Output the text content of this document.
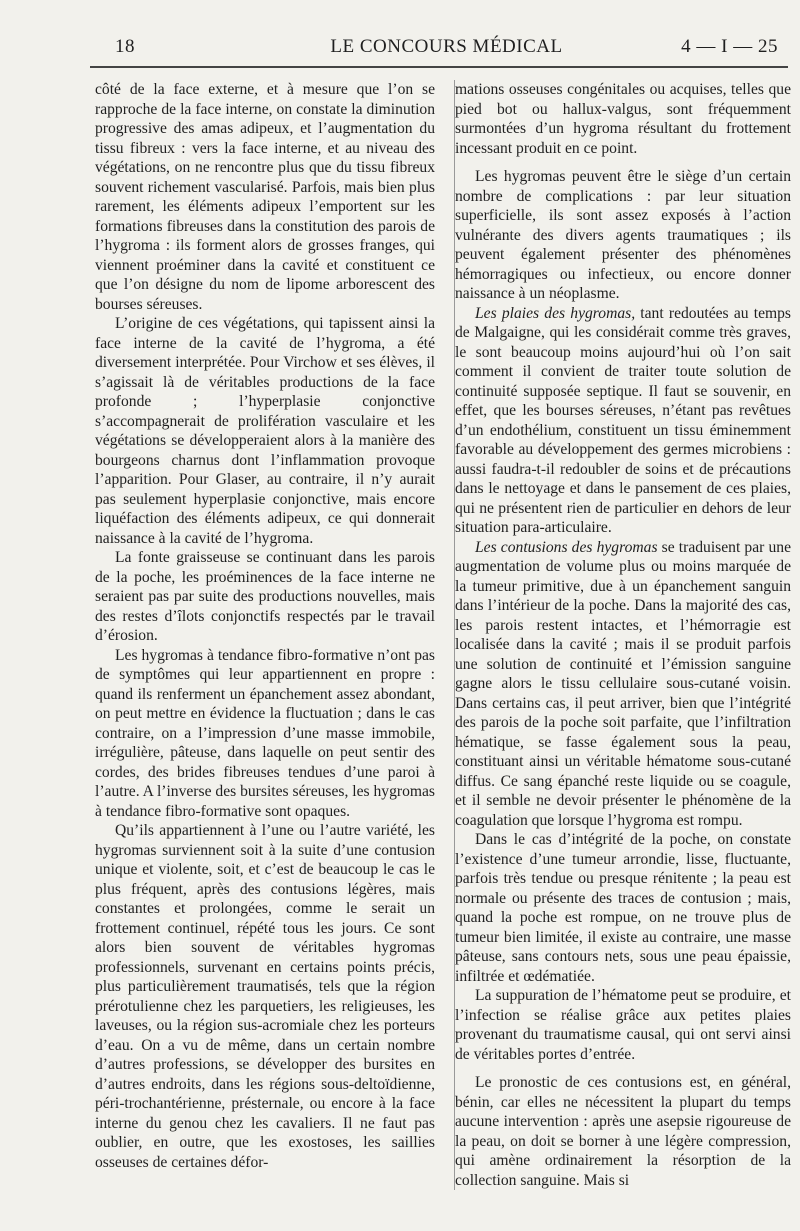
18	LE CONCOURS MÉDICAL	4 — I — 25

côté de la face externe, et à mesure que l’on se rapproche de la face interne, on constate la diminution progressive des amas adipeux, et l’augmentation du tissu fibreux : vers la face interne, et au niveau des végétations, on ne rencontre plus que du tissu fibreux souvent richement vascularisé. Parfois, mais bien plus rarement, les éléments adipeux l’emportent sur les formations fibreuses dans la constitution des parois de l’hygroma : ils forment alors de grosses franges, qui viennent proéminer dans la cavité et constituent ce que l’on désigne du nom de lipome arborescent des bourses séreuses.

L’origine de ces végétations, qui tapissent ainsi la face interne de la cavité de l’hygroma, a été diversement interprétée. Pour Virchow et ses élèves, il s’agissait là de véritables productions de la face profonde ; l’hyperplasie conjonctive s’accompagnerait de prolifération vasculaire et les végétations se développeraient alors à la manière des bourgeons charnus dont l’inflammation provoque l’apparition. Pour Glaser, au contraire, il n’y aurait pas seulement hyperplasie conjonctive, mais encore liquéfaction des éléments adipeux, ce qui donnerait naissance à la cavité de l’hygroma.

La fonte graisseuse se continuant dans les parois de la poche, les proéminences de la face interne ne seraient pas par suite des productions nouvelles, mais des restes d’îlots conjonctifs respectés par le travail d’érosion.

Les hygromas à tendance fibro-formative n’ont pas de symptômes qui leur appartiennent en propre : quand ils renferment un épanchement assez abondant, on peut mettre en évidence la fluctuation ; dans le cas contraire, on a l’impression d’une masse immobile, irrégulière, pâteuse, dans laquelle on peut sentir des cordes, des brides fibreuses tendues d’une paroi à l’autre. A l’inverse des bursites séreuses, les hygromas à tendance fibro-formative sont opaques.

Qu’ils appartiennent à l’une ou l’autre variété, les hygromas surviennent soit à la suite d’une contusion unique et violente, soit, et c’est de beaucoup le cas le plus fréquent, après des contusions légères, mais constantes et prolongées, comme le serait un frottement continuel, répété tous les jours. Ce sont alors bien souvent de véritables hygromas professionnels, survenant en certains points précis, plus particulièrement traumatisés, tels que la région prérotulienne chez les parquetiers, les religieuses, les laveuses, ou la région sus-acromiale chez les porteurs d’eau. On a vu de même, dans un certain nombre d’autres professions, se développer des bursites en d’autres endroits, dans les régions sous-deltoïdienne, péri-trochantérienne, présternale, ou encore à la face interne du genou chez les cavaliers. Il ne faut pas oublier, en outre, que les exostoses, les saillies osseuses de certaines défor-

mations osseuses congénitales ou acquises, telles que pied bot ou hallux-valgus, sont fréquemment surmontées d’un hygroma résultant du frottement incessant produit en ce point.

Les hygromas peuvent être le siège d’un certain nombre de complications : par leur situation superficielle, ils sont assez exposés à l’action vulnérante des divers agents traumatiques ; ils peuvent également présenter des phénomènes hémorragiques ou infectieux, ou encore donner naissance à un néoplasme.

Les plaies des hygromas, tant redoutées au temps de Malgaigne, qui les considérait comme très graves, le sont beaucoup moins aujourd’hui où l’on sait comment il convient de traiter toute solution de continuité supposée septique. Il faut se souvenir, en effet, que les bourses séreuses, n’étant pas revêtues d’un endothélium, constituent un tissu éminemment favorable au développement des germes microbiens : aussi faudra-t-il redoubler de soins et de précautions dans le nettoyage et dans le pansement de ces plaies, qui ne présentent rien de particulier en dehors de leur situation para-articulaire.

Les contusions des hygromas se traduisent par une augmentation de volume plus ou moins marquée de la tumeur primitive, due à un épanchement sanguin dans l’intérieur de la poche. Dans la majorité des cas, les parois restent intactes, et l’hémorragie est localisée dans la cavité ; mais il se produit parfois une solution de continuité et l’émission sanguine gagne alors le tissu cellulaire sous-cutané voisin. Dans certains cas, il peut arriver, bien que l’intégrité des parois de la poche soit parfaite, que l’infiltration hématique, se fasse également sous la peau, constituant ainsi un véritable hématome sous-cutané diffus. Ce sang épanché reste liquide ou se coagule, et il semble ne devoir présenter le phénomène de la coagulation que lorsque l’hygroma est rompu.

Dans le cas d’intégrité de la poche, on constate l’existence d’une tumeur arrondie, lisse, fluctuante, parfois très tendue ou presque rénitente ; la peau est normale ou présente des traces de contusion ; mais, quand la poche est rompue, on ne trouve plus de tumeur bien limitée, il existe au contraire, une masse pâteuse, sans contours nets, sous une peau épaissie, infiltrée et œdématiée.

La suppuration de l’hématome peut se produire, et l’infection se réalise grâce aux petites plaies provenant du traumatisme causal, qui ont servi ainsi de véritables portes d’entrée.

Le pronostic de ces contusions est, en général, bénin, car elles ne nécessitent la plupart du temps aucune intervention : après une asepsie rigoureuse de la peau, on doit se borner à une légère compression, qui amène ordinairement la résorption de la collection sanguine. Mais si
